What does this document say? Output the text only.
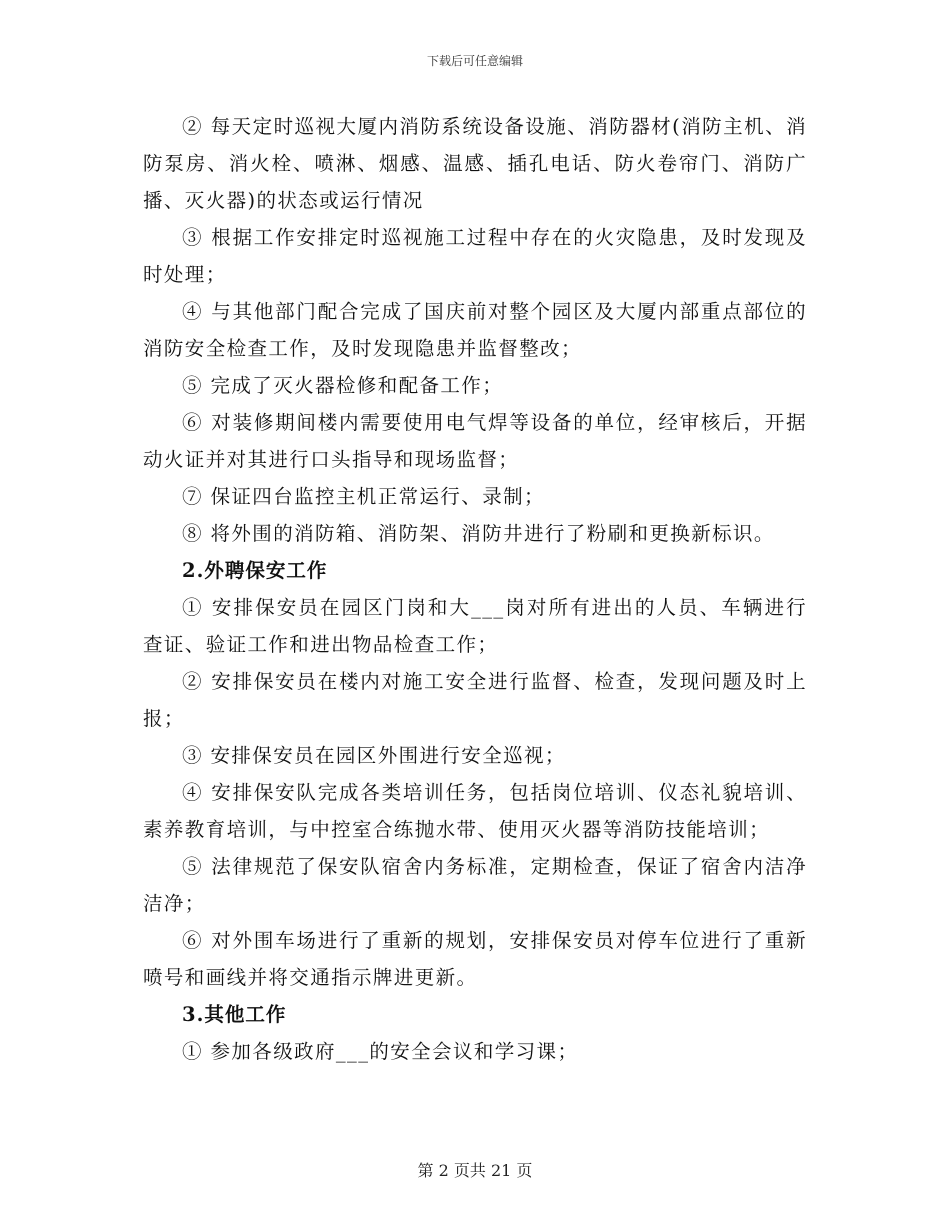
下载后可任意编辑

② 每天定时巡视大厦内消防系统设备设施、消防器材(消防主机、消防泵房、消火栓、喷淋、烟感、温感、插孔电话、防火卷帘门、消防广播、灭火器)的状态或运行情况

③ 根据工作安排定时巡视施工过程中存在的火灾隐患，及时发现及时处理；

④ 与其他部门配合完成了国庆前对整个园区及大厦内部重点部位的消防安全检查工作，及时发现隐患并监督整改；

⑤ 完成了灭火器检修和配备工作；

⑥ 对装修期间楼内需要使用电气焊等设备的单位，经审核后，开据动火证并对其进行口头指导和现场监督；

⑦ 保证四台监控主机正常运行、录制；

⑧ 将外围的消防箱、消防架、消防井进行了粉刷和更换新标识。

2.外聘保安工作

① 安排保安员在园区门岗和大___岗对所有进出的人员、车辆进行查证、验证工作和进出物品检查工作；

② 安排保安员在楼内对施工安全进行监督、检查，发现问题及时上报；

③ 安排保安员在园区外围进行安全巡视；

④ 安排保安队完成各类培训任务，包括岗位培训、仪态礼貌培训、素养教育培训，与中控室合练抛水带、使用灭火器等消防技能培训；

⑤ 法律规范了保安队宿舍内务标准，定期检查，保证了宿舍内洁净洁净；

⑥ 对外围车场进行了重新的规划，安排保安员对停车位进行了重新喷号和画线并将交通指示牌进更新。

3.其他工作

① 参加各级政府___的安全会议和学习课；

第 2 页共 21 页
